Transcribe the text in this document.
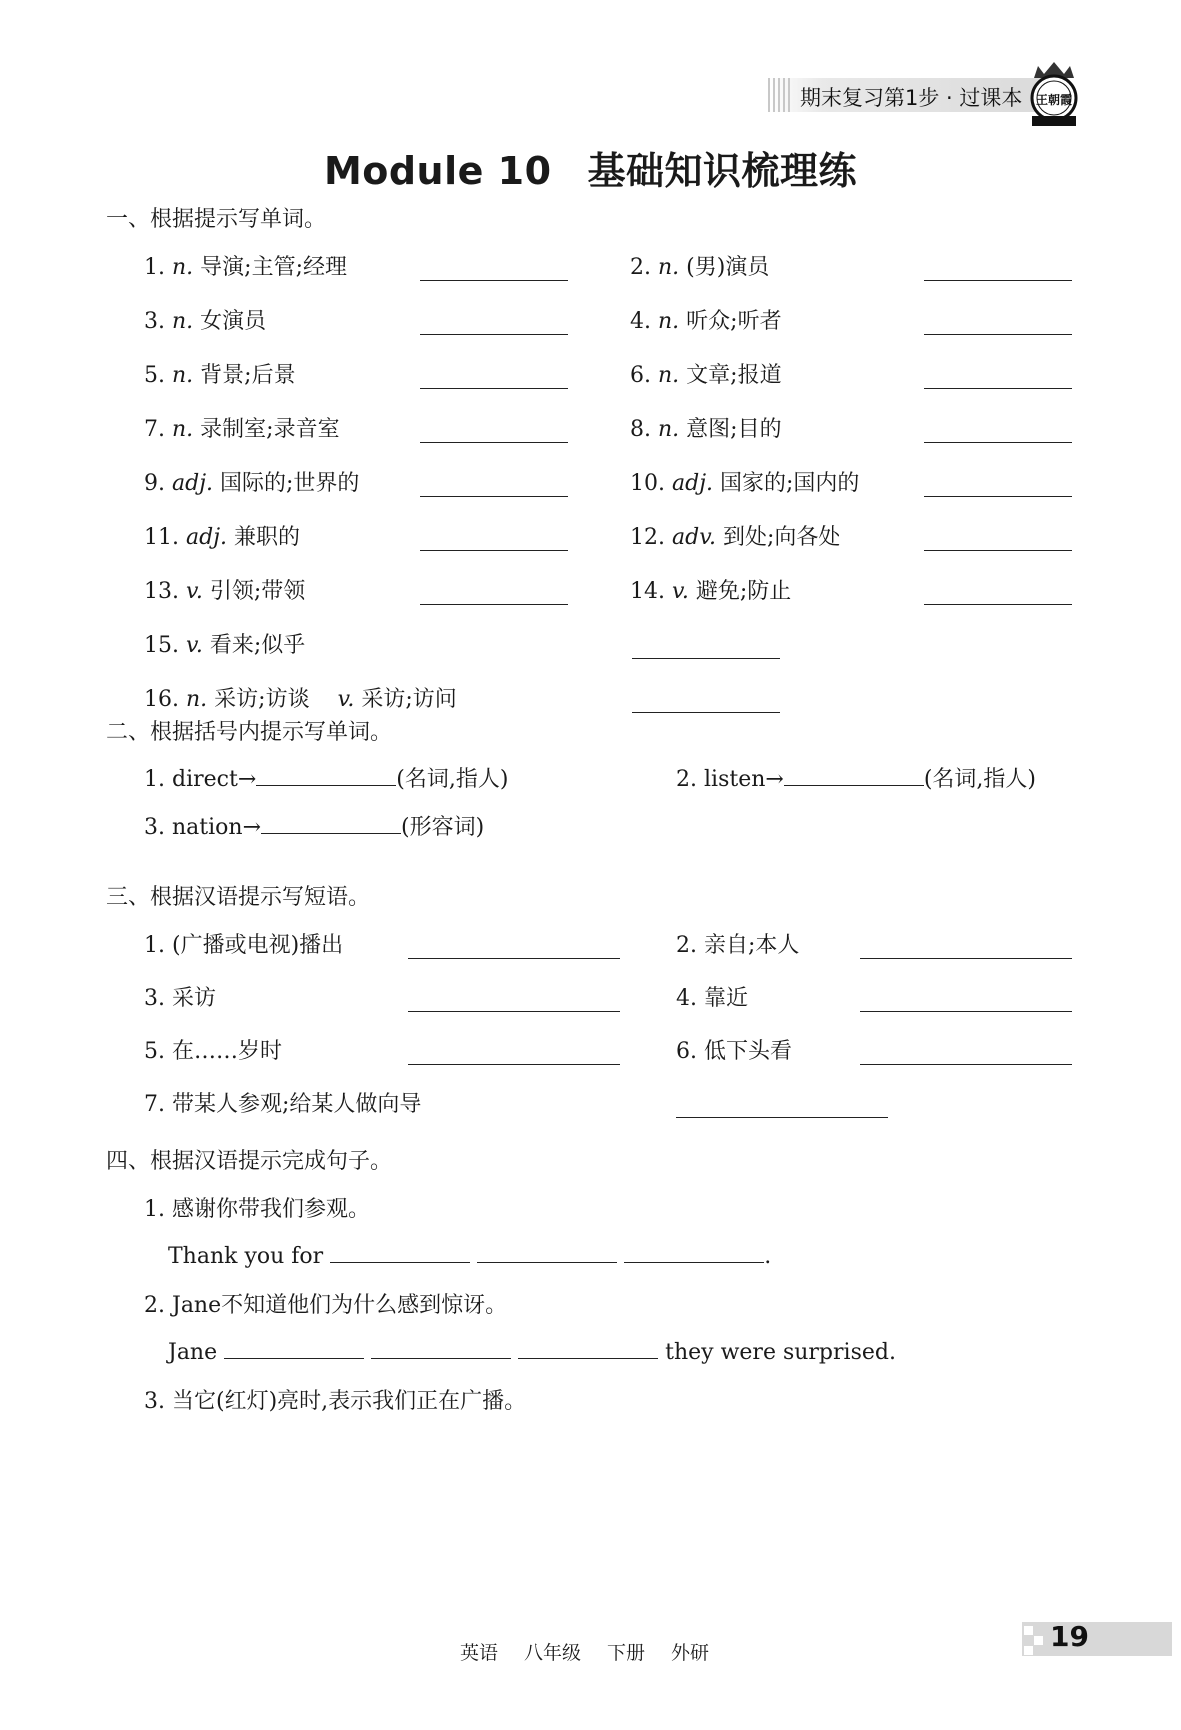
期末复习第1步 · 过课本 王朝霞
Module 10 基础知识梳理练
一、根据提示写单词。
1. n. 导演;主管;经理	2. n. (男)演员
3. n. 女演员	4. n. 听众;听者
5. n. 背景;后景	6. n. 文章;报道
7. n. 录制室;录音室	8. n. 意图;目的
9. adj. 国际的;世界的	10. adj. 国家的;国内的
11. adj. 兼职的	12. adv. 到处;向各处
13. v. 引领;带领	14. v. 避免;防止
15. v. 看来;似乎
16. n. 采访;访谈 v. 采访;访问
二、根据括号内提示写单词。
1. direct→	(名词,指人)	2. listen→	(名词,指人)
3. nation→	(形容词)
三、根据汉语提示写短语。
1. (广播或电视)播出	2. 亲自;本人
3. 采访	4. 靠近
5. 在……岁时	6. 低下头看
7. 带某人参观;给某人做向导
四、根据汉语提示完成句子。
1. 感谢你带我们参观。
Thank you for	.
2. Jane不知道他们为什么感到惊讶。
Jane	they were surprised.
3. 当它(红灯)亮时,表示我们正在广播。
英语 八年级 下册 外研	19
